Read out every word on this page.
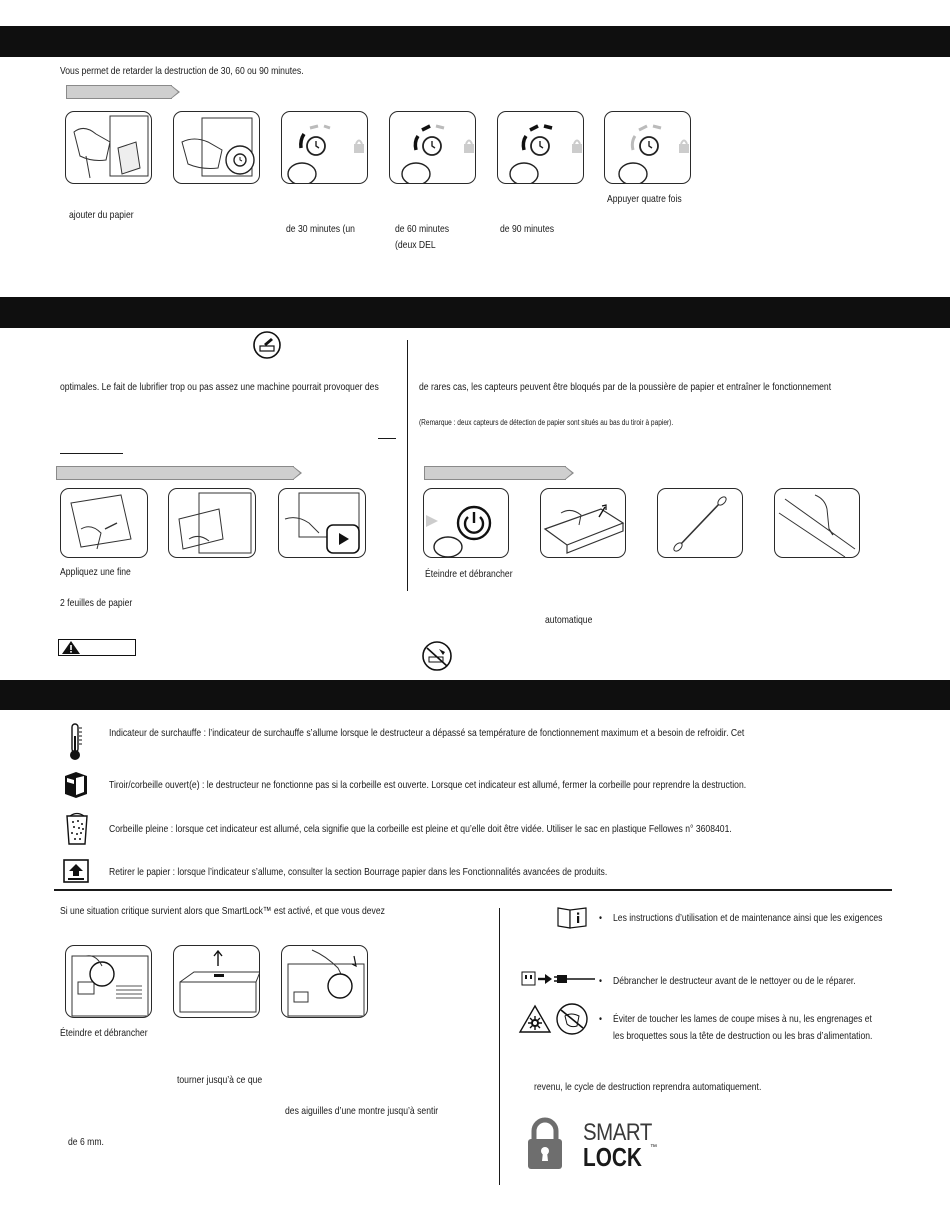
Vous permet de retarder la destruction de 30, 60 ou 90 minutes.
ajouter du papier
de 30 minutes (un	de 60 minutes
(deux DEL
de 90 minutes
Appuyer quatre fois
optimales. Le fait de lubrifier trop ou pas assez une machine pourrait provoquer des
Appliquez une fine
2 feuilles de papier
de rares cas, les capteurs peuvent être bloqués par de la poussière de papier et entraîner le fonctionnement
(Remarque : deux capteurs de détection de papier sont situés au bas du tiroir à papier).
Éteindre et débrancher
automatique
Indicateur de surchauffe : l’indicateur de surchauffe s’allume lorsque le destructeur a dépassé sa température de fonctionnement maximum et a besoin de refroidir. Cet
Tiroir/corbeille ouvert(e) : le destructeur ne fonctionne pas si la corbeille est ouverte. Lorsque cet indicateur est allumé, fermer la corbeille pour reprendre la destruction.
Corbeille pleine : lorsque cet indicateur est allumé, cela signifie que la corbeille est pleine et qu’elle doit être vidée. Utiliser le sac en plastique Fellowes n° 3608401.
Retirer le papier : lorsque l’indicateur s’allume, consulter la section Bourrage papier dans les Fonctionnalités avancées de produits.
Si une situation critique survient alors que SmartLock™ est activé, et que vous devez
Éteindre et débrancher
tourner jusqu’à ce que
des aiguilles d’une montre jusqu’à sentir
de 6 mm.
• Les instructions d’utilisation et de maintenance ainsi que les exigences
• Débrancher le destructeur avant de le nettoyer ou de le réparer.
• Éviter de toucher les lames de coupe mises à nu, les engrenages et
les broquettes sous la tête de destruction ou les bras d’alimentation.
revenu, le cycle de destruction reprendra automatiquement.
SMART
LOCK ™
